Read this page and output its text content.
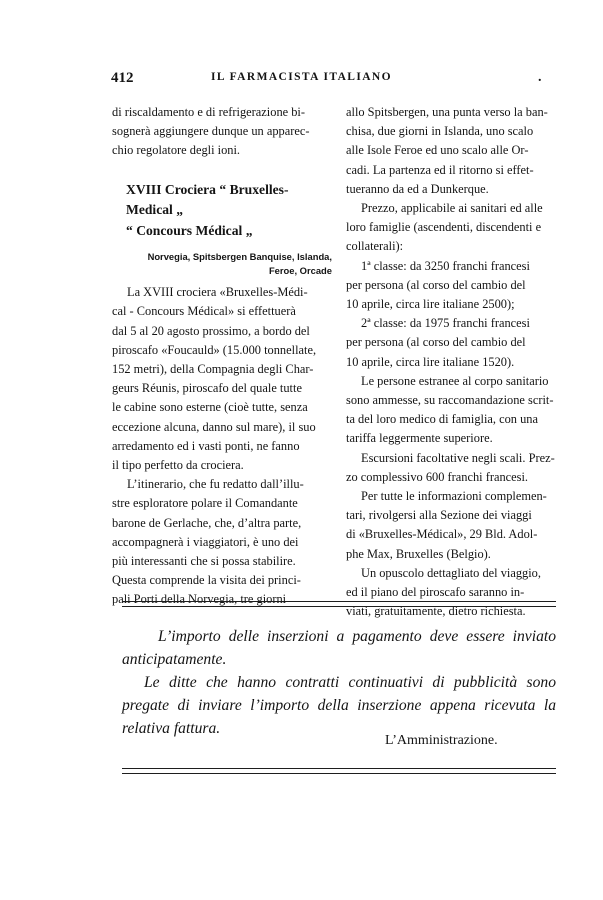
412	IL FARMACISTA ITALIANO	.

di riscaldamento e di refrigerazione bi-
sognerà aggiungere dunque un apparec-
chio regolatore degli ioni.

XVIII Crociera “ Bruxelles-Medical „
“ Concours Médical „

Norvegia, Spitsbergen Banquise, Islanda,
Feroe, Orcade

La XVIII crociera «Bruxelles-Médi-
cal - Concours Médical» si effettuerà
dal 5 al 20 agosto prossimo, a bordo del
piroscafo «Foucauld» (15.000 tonnellate,
152 metri), della Compagnia degli Char-
geurs Réunis, piroscafo del quale tutte
le cabine sono esterne (cioè tutte, senza
eccezione alcuna, danno sul mare), il suo
arredamento ed i vasti ponti, ne fanno
il tipo perfetto da crociera.

L’itinerario, che fu redatto dall’illu-
stre esploratore polare il Comandante
barone de Gerlache, che, d’altra parte,
accompagnerà i viaggiatori, è uno dei
più interessanti che si possa stabilire.
Questa comprende la visita dei princi-
pali Porti della Norvegia, tre giorni

allo Spitsbergen, una punta verso la ban-
chisa, due giorni in Islanda, uno scalo
alle Isole Feroe ed uno scalo alle Or-
cadi. La partenza ed il ritorno si effet-
tueranno da ed a Dunkerque.

Prezzo, applicabile ai sanitari ed alle
loro famiglie (ascendenti, discendenti e
collaterali):

1ª classe: da 3250 franchi francesi
per persona (al corso del cambio del
10 aprile, circa lire italiane 2500);

2ª classe: da 1975 franchi francesi
per persona (al corso del cambio del
10 aprile, circa lire italiane 1520).

Le persone estranee al corpo sanitario
sono ammesse, su raccomandazione scrit-
ta del loro medico di famiglia, con una
tariffa leggermente superiore.

Escursioni facoltative negli scali. Prez-
zo complessivo 600 franchi francesi.

Per tutte le informazioni complemen-
tari, rivolgersi alla Sezione dei viaggi
di «Bruxelles-Médical», 29 Bld. Adol-
phe Max, Bruxelles (Belgio).

Un opuscolo dettagliato del viaggio,
ed il piano del piroscafo saranno in-
viati, gratuitamente, dietro richiesta.

L’importo delle inserzioni a pagamento deve essere inviato anticipatamente.

Le ditte che hanno contratti continuativi di pubblicità sono pregate di inviare l’importo della inserzione appena ricevuta la relativa fattura.

L’Amministrazione.
